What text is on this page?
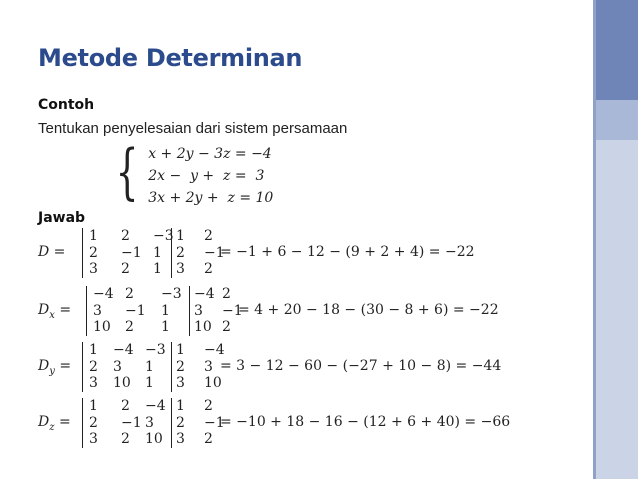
Metode Determinan
Contoh
Tentukan penyelesaian dari sistem persamaan
{ x + 2y − 3z = −4
2x −  y +  z =  3
3x + 2y +  z = 10
Jawab
D =
1 2 −3
2 −1 1
3 2 1
1 2
2 −1
3 2
= −1 + 6 − 12 − (9 + 2 + 4) = −22
$D_x$ =
−4 2 −3
3 −1 1
10 2 1
−4 2
3 −1
10 2
= 4 + 20 − 18 − (30 − 8 + 6) = −22
$D_y$ =
1 −4 −3
2 3 1
3 10 1
1 −4
2 3
3 10
= 3 − 12 − 60 − (−27 + 10 − 8) = −44
$D_z$ =
1 2 −4
2 −1 3
3 2 10
1 2
2 −1
3 2
= −10 + 18 − 16 − (12 + 6 + 40) = −66
